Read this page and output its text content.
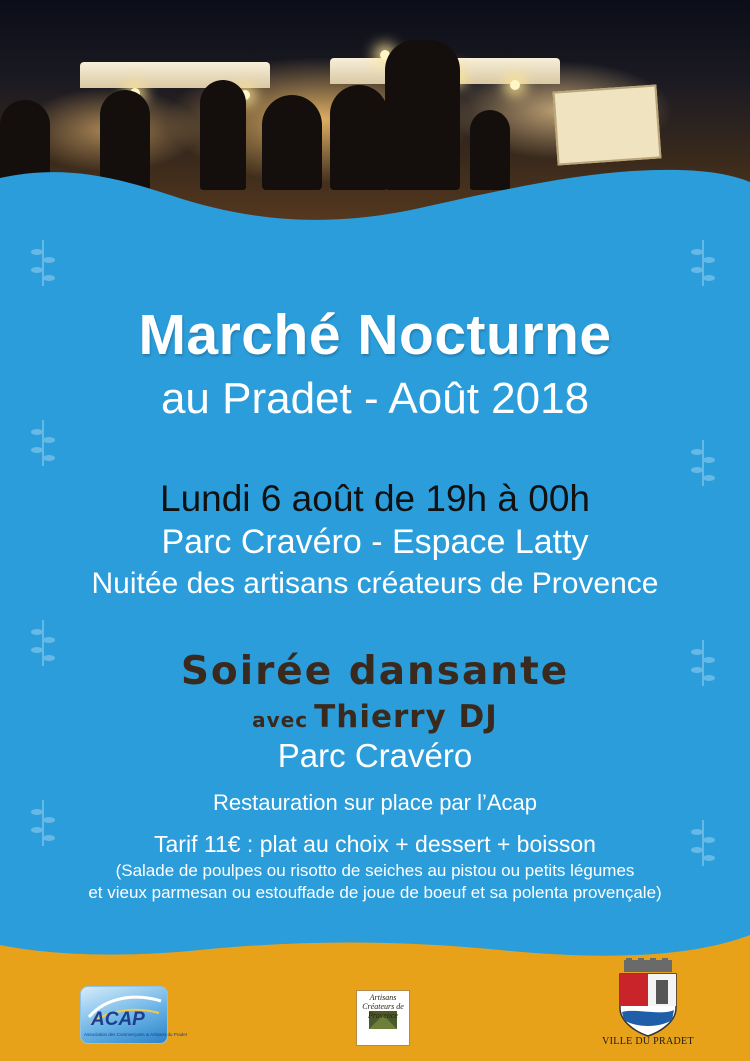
Marché Nocturne
au Pradet - Août 2018
Lundi 6 août de 19h à 00h
Parc Cravéro - Espace Latty
Nuitée des artisans créateurs de Provence
Soirée dansante
avec Thierry DJ
Parc Cravéro
Restauration sur place par l’Acap
Tarif 11€ : plat au choix + dessert + boisson
(Salade de poulpes ou risotto de seiches au pistou ou petits légumes
et vieux parmesan ou estouffade de joue de boeuf et sa polenta provençale)
ACAP
Association des Commerçants & Artisans du Pradet
Artisans Créateurs de Provence
VILLE DU PRADET
